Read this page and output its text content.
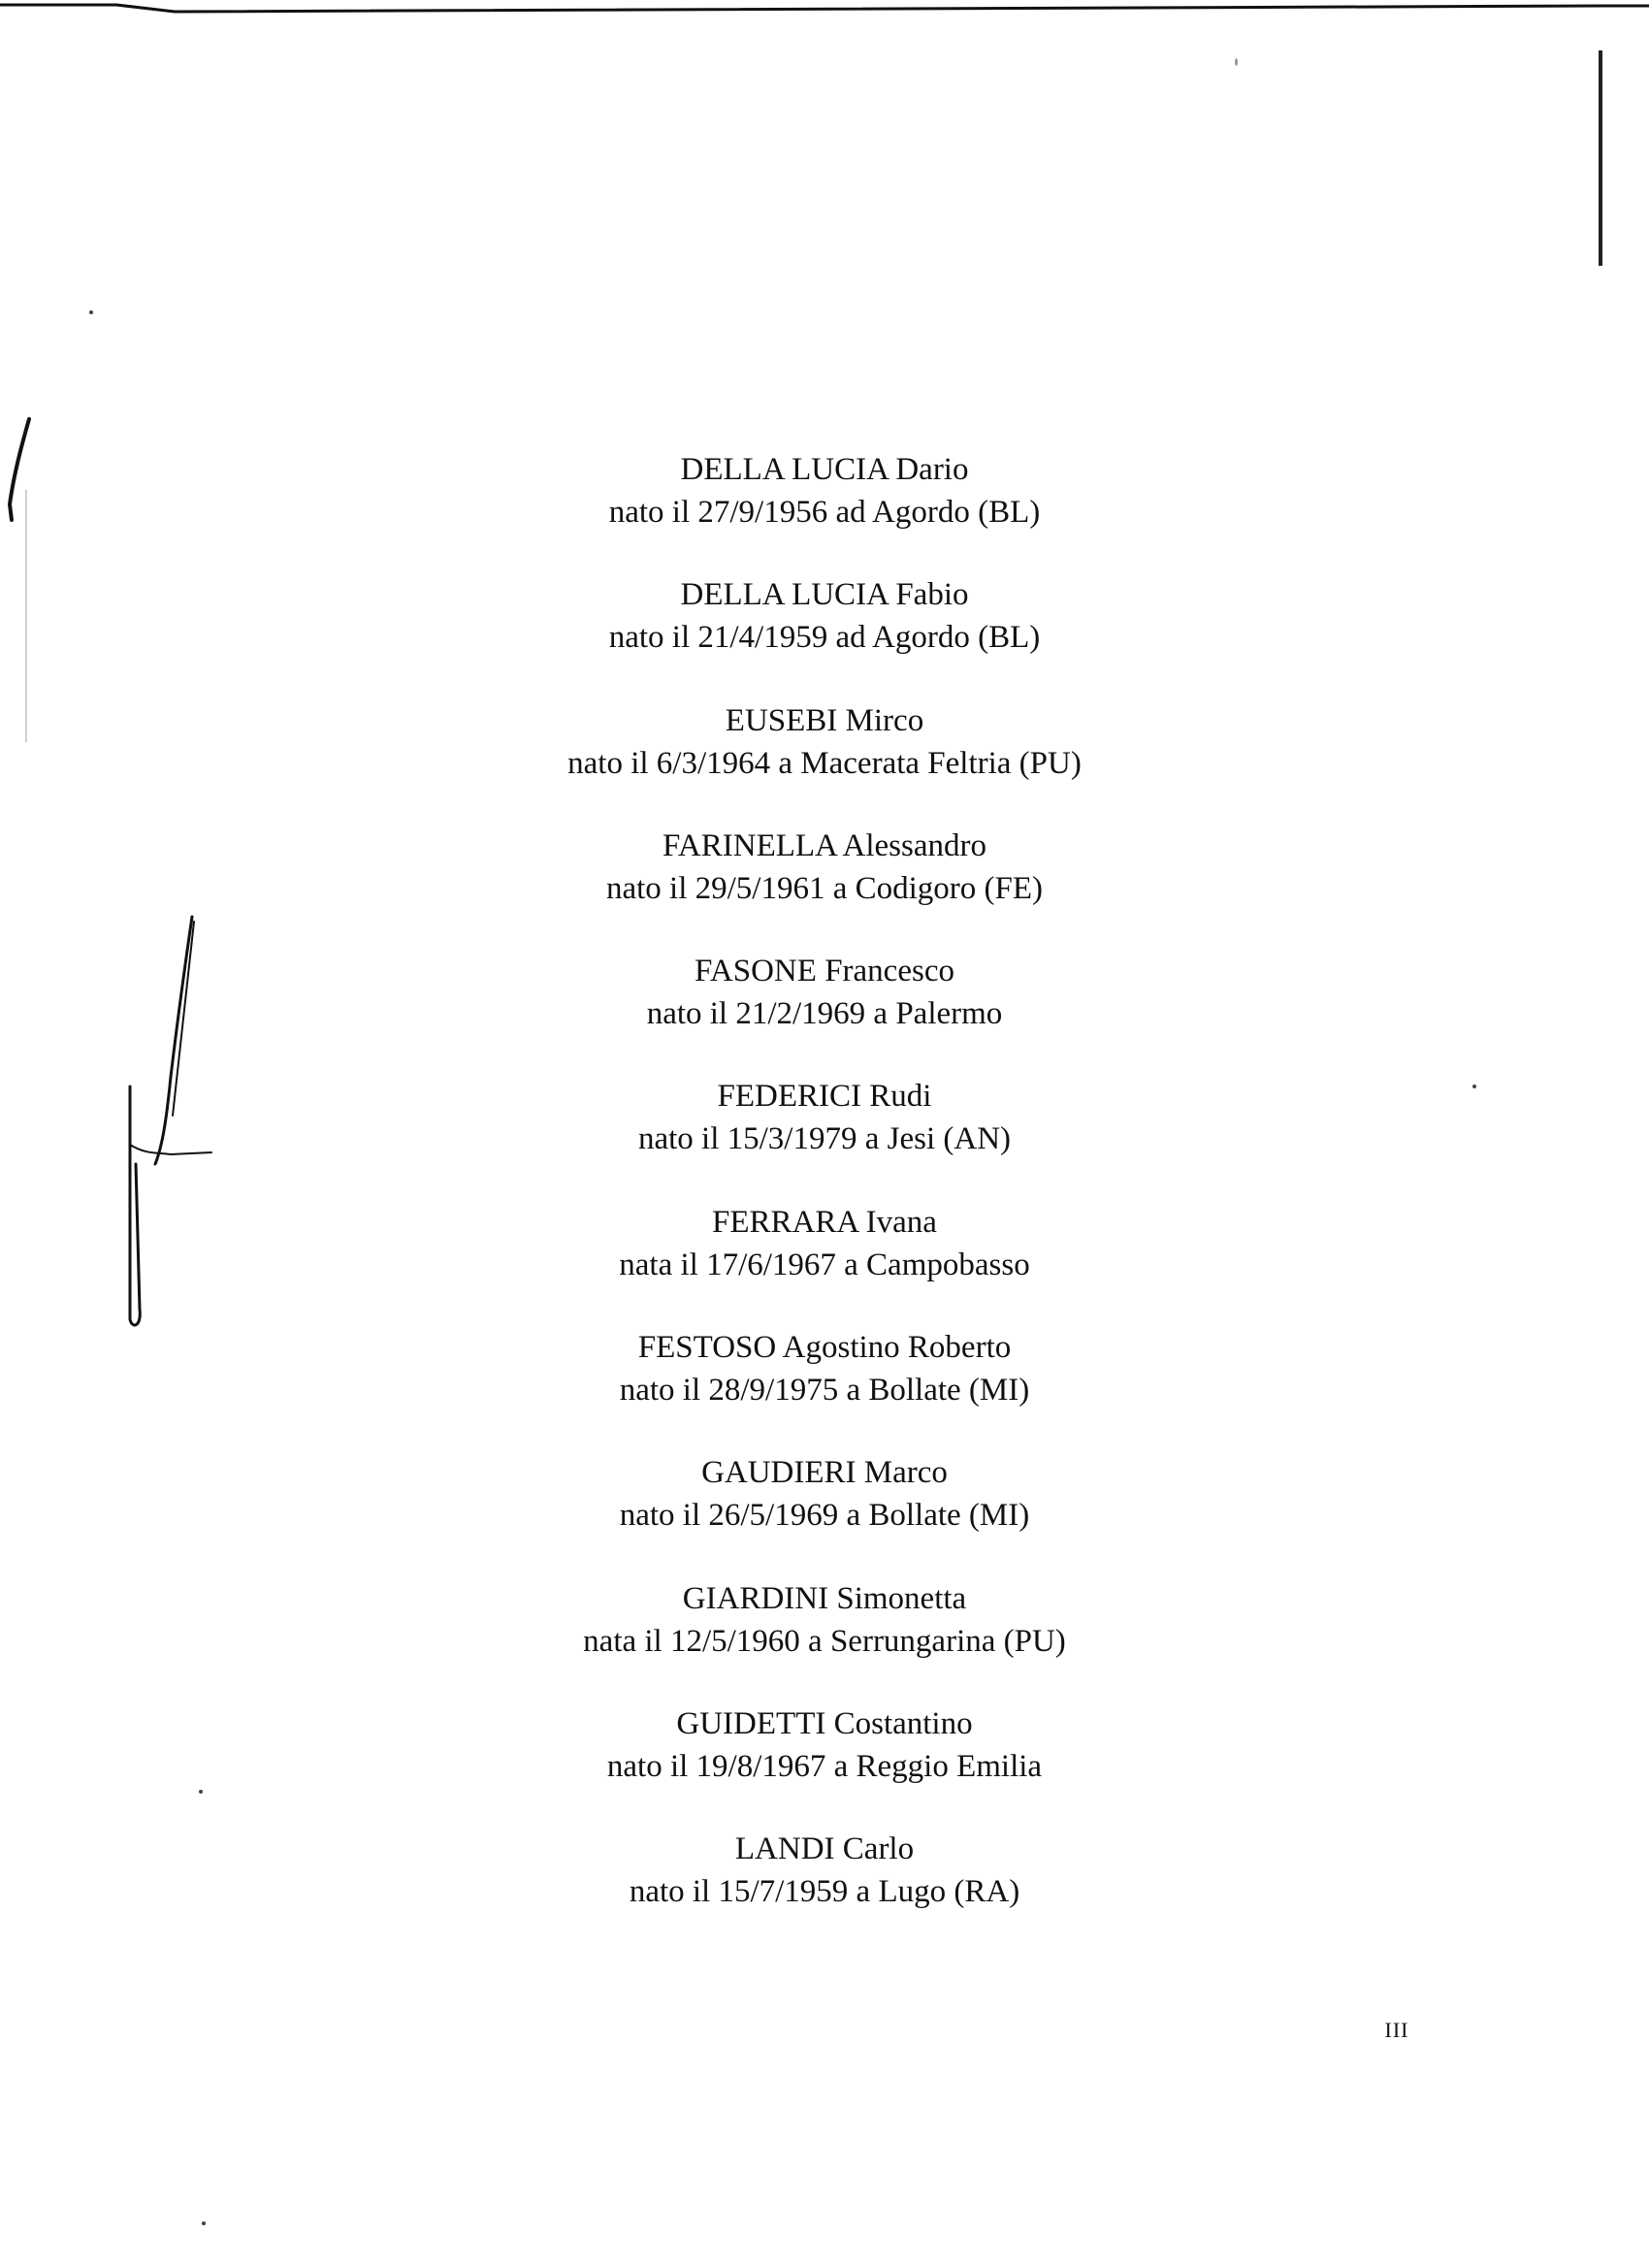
DELLA LUCIA Dario
nato il 27/9/1956 ad Agordo (BL)
DELLA LUCIA Fabio
nato il 21/4/1959 ad Agordo (BL)
EUSEBI Mirco
nato il 6/3/1964 a Macerata Feltria (PU)
FARINELLA Alessandro
nato il 29/5/1961 a Codigoro (FE)
FASONE Francesco
nato il 21/2/1969 a Palermo
FEDERICI Rudi
nato il 15/3/1979 a Jesi (AN)
FERRARA Ivana
nata il 17/6/1967 a Campobasso
FESTOSO Agostino Roberto
nato il 28/9/1975 a Bollate (MI)
GAUDIERI Marco
nato il 26/5/1969 a Bollate (MI)
GIARDINI Simonetta
nata il 12/5/1960 a Serrungarina (PU)
GUIDETTI Costantino
nato il 19/8/1967 a Reggio Emilia
LANDI Carlo
nato il 15/7/1959 a Lugo (RA)
III
